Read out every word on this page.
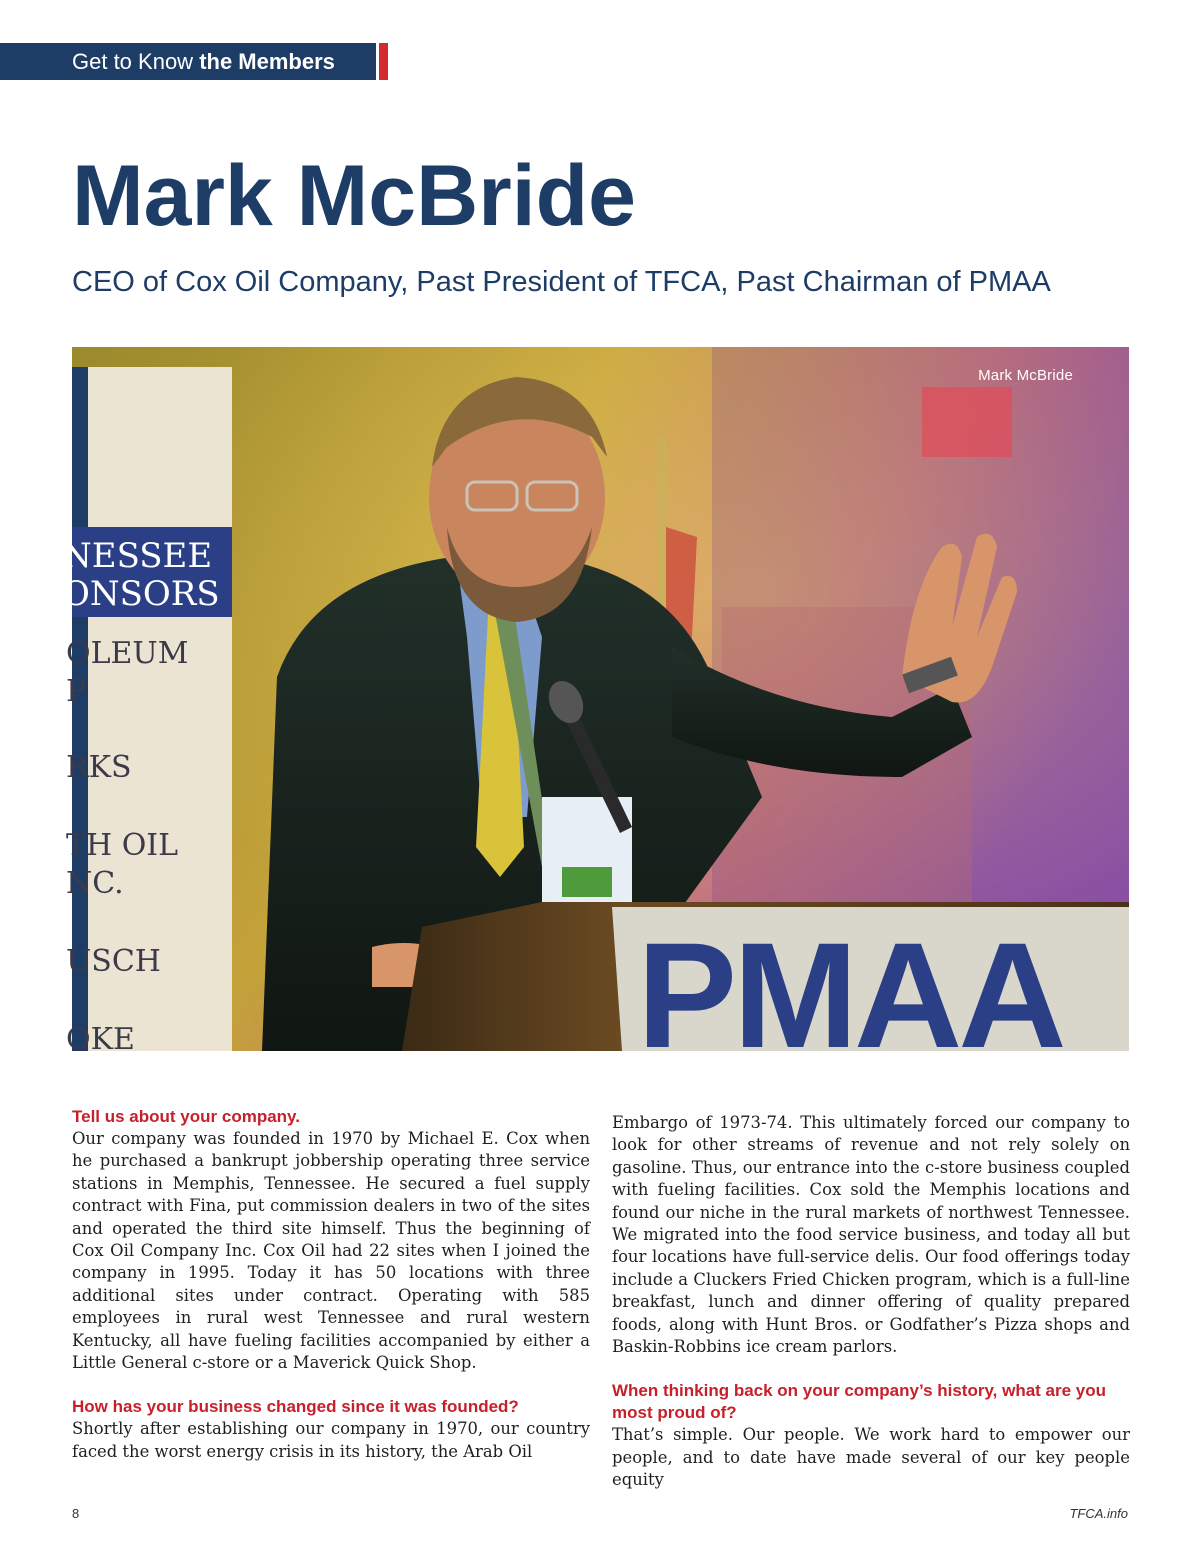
Get to Know the Members
Mark McBride
CEO of Cox Oil Company, Past President of TFCA, Past Chairman of PMAA
NESSEE
ONSORS
OLEUM
P
RKS
TH OIL
NC.
USCH
OKE	PMAA
Mark McBride

Tell us about your company.

Our company was founded in 1970 by Michael E. Cox when he purchased a bankrupt jobbership operating three service stations in Memphis, Tennessee. He secured a fuel supply contract with Fina, put commission dealers in two of the sites and operated the third site himself. Thus the beginning of Cox Oil Company Inc. Cox Oil had 22 sites when I joined the company in 1995. Today it has 50 locations with three additional sites under contract. Operating with 585 employees in rural west Tennessee and rural western Kentucky, all have fueling facilities accompanied by either a Little General c-store or a Maverick Quick Shop.

How has your business changed since it was founded?

Shortly after establishing our company in 1970, our country faced the worst energy crisis in its history, the Arab Oil

Embargo of 1973-74. This ultimately forced our company to look for other streams of revenue and not rely solely on gasoline. Thus, our entrance into the c-store business coupled with fueling facilities. Cox sold the Memphis locations and found our niche in the rural markets of northwest Tennessee. We migrated into the food service business, and today all but four locations have full-service delis. Our food offerings today include a Cluckers Fried Chicken program, which is a full-line breakfast, lunch and dinner offering of quality prepared foods, along with Hunt Bros. or Godfather’s Pizza shops and Baskin-Robbins ice cream parlors.

When thinking back on your company’s history, what are you most proud of?

That’s simple. Our people. We work hard to empower our people, and to date have made several of our key people equity

8	TFCA.info
